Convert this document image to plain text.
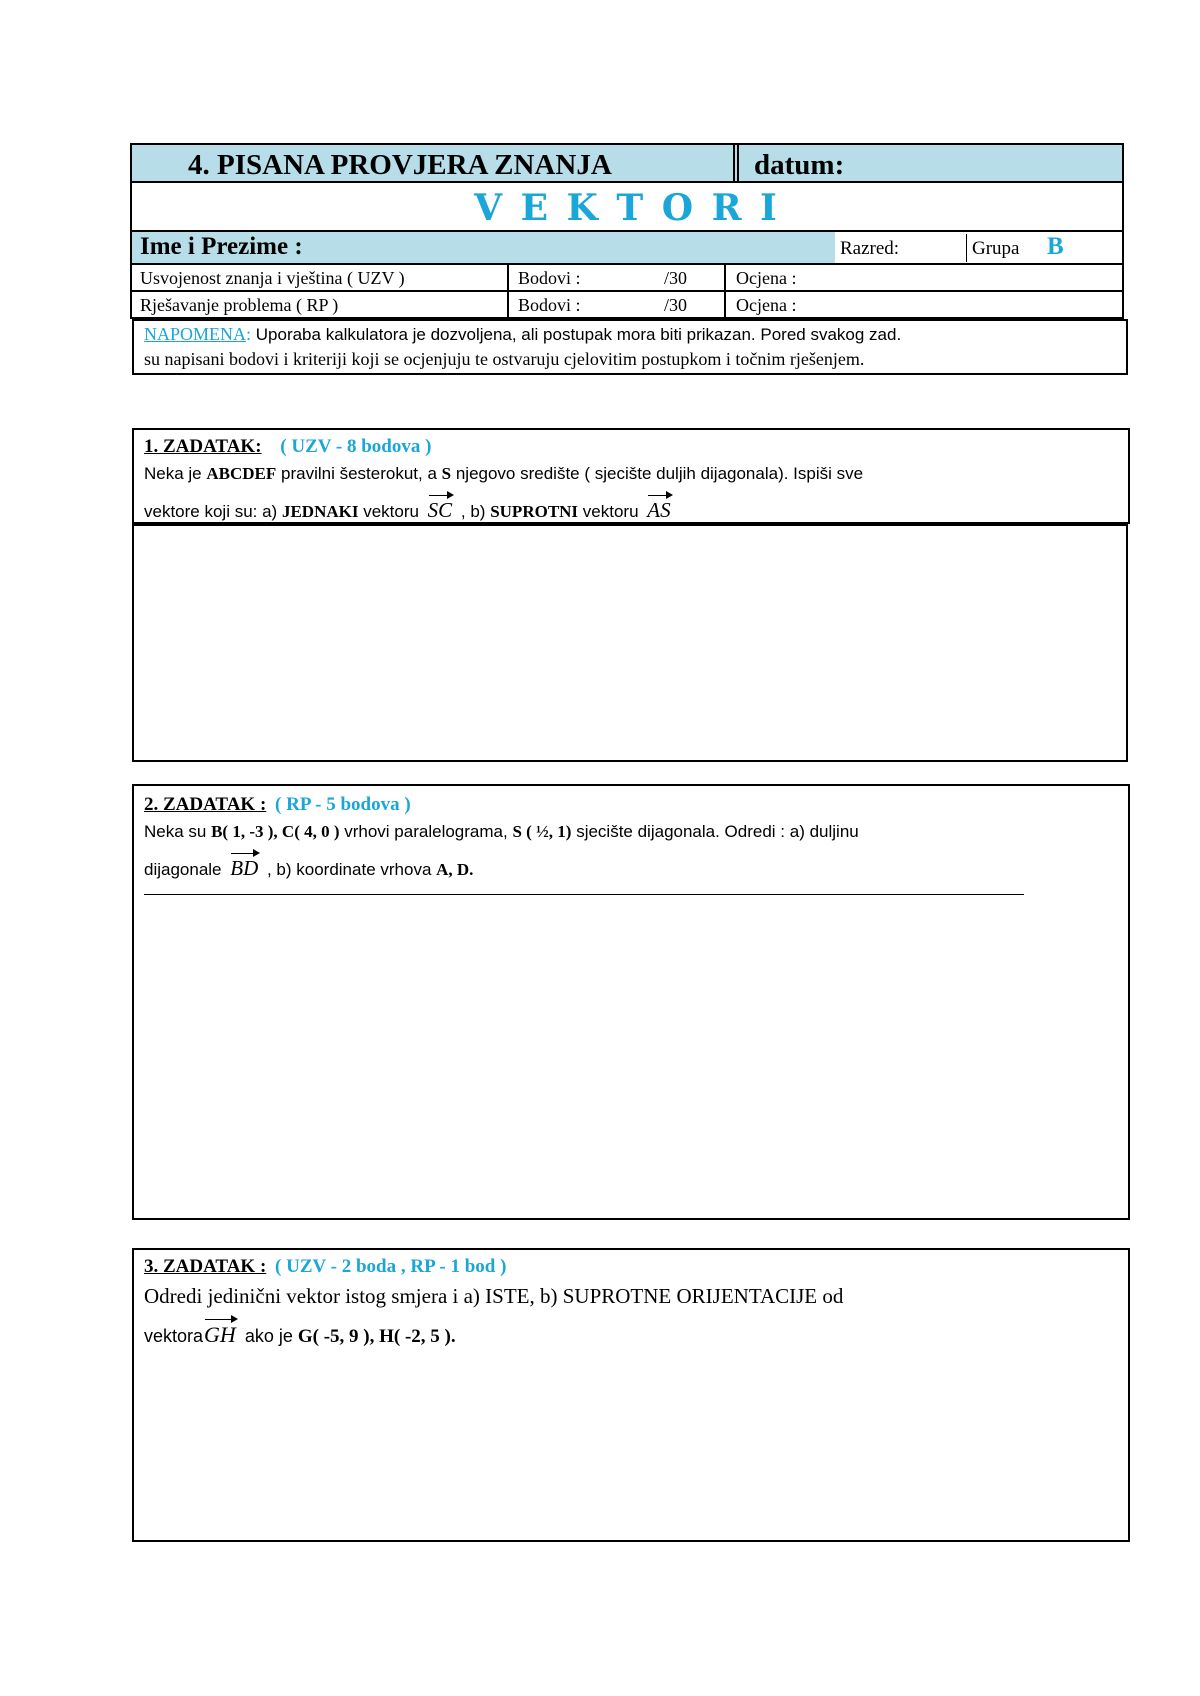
4. PISANA PROVJERA ZNANJA	datum:
V E K T O R I
Ime i Prezime :	Razred:	Grupa B
Usvojenost znanja i vještina ( UZV )	Bodovi :	/30	Ocjena :
Rješavanje problema ( RP )	Bodovi :	/30	Ocjena :
NAPOMENA: Uporaba kalkulatora je dozvoljena, ali postupak mora biti prikazan. Pored svakog zad.
su napisani bodovi i kriteriji koji se ocjenjuju te ostvaruju cjelovitim postupkom i točnim rješenjem.
1. ZADATAK: ( UZV - 8 bodova )
Neka je ABCDEF pravilni šesterokut, a S njegovo središte ( sjecište duljih dijagonala). Ispiši sve
vektore koji su: a) JEDNAKI vektoru SC , b) SUPROTNI vektoru AS
2. ZADATAK : ( RP - 5 bodova )
Neka su B( 1, -3 ), C( 4, 0 ) vrhovi paralelograma, S ( ½, 1) sjecište dijagonala. Odredi : a) duljinu
dijagonale BD , b) koordinate vrhova A, D.
3. ZADATAK : ( UZV - 2 boda , RP - 1 bod )
Odredi jedinični vektor istog smjera i a) ISTE, b) SUPROTNE ORIJENTACIJE od
vektoraGH ako je G( -5, 9 ), H( -2, 5 ).
